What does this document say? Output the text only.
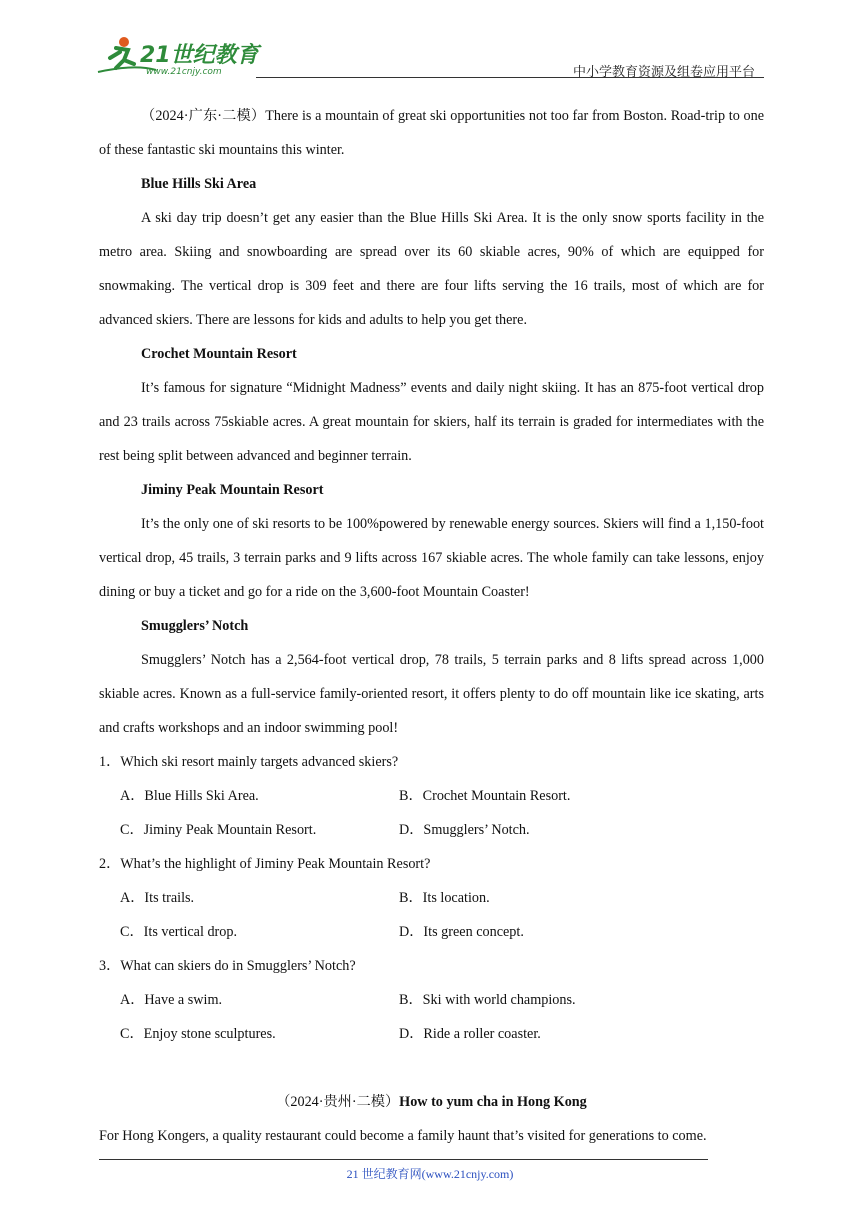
21世纪教育
www.21cnjy.com	中小学教育资源及组卷应用平台
（2024·广东·二模）There is a mountain of great ski opportunities not too far from Boston. Road-trip to one of these fantastic ski mountains this winter.
Blue Hills Ski Area
A ski day trip doesn’t get any easier than the Blue Hills Ski Area. It is the only snow sports facility in the metro area. Skiing and snowboarding are spread over its 60 skiable acres, 90% of which are equipped for snowmaking. The vertical drop is 309 feet and there are four lifts serving the 16 trails, most of which are for advanced skiers. There are lessons for kids and adults to help you get there.
Crochet Mountain Resort
It’s famous for signature “Midnight Madness” events and daily night skiing. It has an 875-foot vertical drop and 23 trails across 75skiable acres. A great mountain for skiers, half its terrain is graded for intermediates with the rest being split between advanced and beginner terrain.
Jiminy Peak Mountain Resort
It’s the only one of ski resorts to be 100%powered by renewable energy sources. Skiers will find a 1,150-foot vertical drop, 45 trails, 3 terrain parks and 9 lifts across 167 skiable acres. The whole family can take lessons, enjoy dining or buy a ticket and go for a ride on the 3,600-foot Mountain Coaster!
Smugglers’ Notch
Smugglers’ Notch has a 2,564-foot vertical drop, 78 trails, 5 terrain parks and 8 lifts spread across 1,000 skiable acres. Known as a full-service family-oriented resort, it offers plenty to do off mountain like ice skating, arts and crafts workshops and an indoor swimming pool!
1．Which ski resort mainly targets advanced skiers?
A．Blue Hills Ski Area.	B．Crochet Mountain Resort.
C．Jiminy Peak Mountain Resort.	D．Smugglers’ Notch.
2．What’s the highlight of Jiminy Peak Mountain Resort?
A．Its trails.	B．Its location.
C．Its vertical drop.	D．Its green concept.
3．What can skiers do in Smugglers’ Notch?
A．Have a swim.	B．Ski with world champions.
C．Enjoy stone sculptures.	D．Ride a roller coaster.
（2024·贵州·二模）How to yum cha in Hong Kong
For Hong Kongers, a quality restaurant could become a family haunt that’s visited for generations to come.
21 世纪教育网(www.21cnjy.com)
